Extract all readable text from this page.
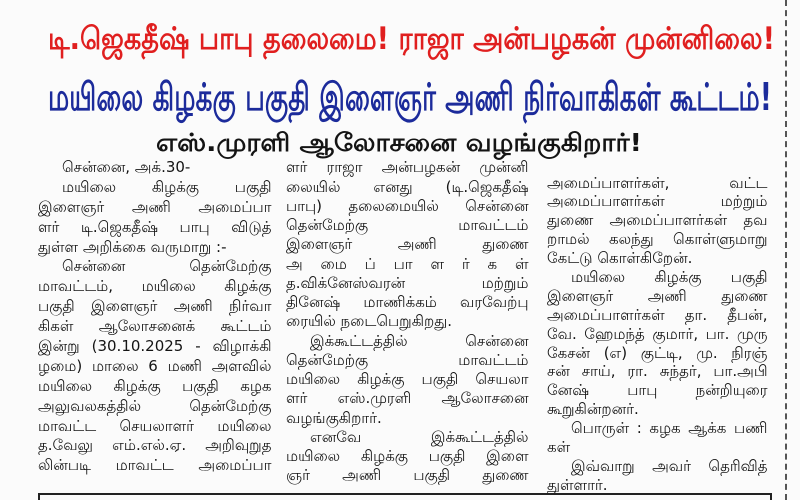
டி.ஜெகதீஷ் பாபு தலைமை! ராஜா அன்பழகன் முன்னிலை!
மயிலை கிழக்கு பகுதி இளைஞர் அணி நிர்வாகிகள் கூட்டம்!
எஸ்.முரளி ஆலோசனை வழங்குகிறார்!
சென்னை, அக்.30-
மயிலை கிழக்கு பகுதி
இளைஞர் அணி அமைப்பா
ளர் டி.ஜெகதீஷ் பாபு விடுத்
துள்ள அறிக்கை வருமாறு :-
சென்னை தென்மேற்கு
மாவட்டம், மயிலை கிழக்கு
பகுதி இளைஞர் அணி நிர்வா
கிகள் ஆலோசனைக் கூட்டம்
இன்று (30.10.2025 - விழாக்கி
ழமை) மாலை 6 மணி அளவில்
மயிலை கிழக்கு பகுதி கழக
அலுவலகத்தில் தென்மேற்கு
மாவட்ட செயலாளர் மயிலை
த.வேலு எம்.எல்.ஏ. அறிவுறுத
லின்படி மாவட்ட அமைப்பா
ளர் ராஜா அன்பழகன் முன்னி
லையில் எனது (டி.ஜெகதீஷ்
பாபு) தலைமையில் சென்னை
தென்மேற்கு மாவட்டம்
இளைஞர் அணி துணை
அ மை ப் பா ள ர் க ள்
த.விக்னேஸ்வரன் மற்றும்
தினேஷ் மாணிக்கம் வரவேற்பு
ரையில் நடைபெறுகிறது.
இக்கூட்டத்தில் சென்னை
தென்மேற்கு மாவட்டம்
மயிலை கிழக்கு பகுதி செயலா
ளர் எஸ்.முரளி ஆலோசனை
வழங்குகிறார்.
எனவே இக்கூட்டத்தில்
மயிலை கிழக்கு பகுதி இளை
ஞர் அணி பகுதி துணை
அமைப்பாளர்கள், வட்ட
அமைப்பாளர்கள் மற்றும்
துணை அமைப்பாளர்கள் தவ
றாமல் கலந்து கொள்ளுமாறு
கேட்டு கொள்கிறேன்.
மயிலை கிழக்கு பகுதி
இளைஞர் அணி துணை
அமைப்பாளர்கள் தா. தீபன்,
வே. ஹேமந்த் குமார், பா. முரு
கேசன் (எ) குட்டி, மு. நிரஞ்
சன் சாய், ரா. சுந்தர், பா.அபி
னேஷ் பாபு நன்றியுரை
கூறுகின்றனர்.
பொருள் : கழக ஆக்க பணி
கள்
இவ்வாறு அவர் தெரிவித்
துள்ளார்.
